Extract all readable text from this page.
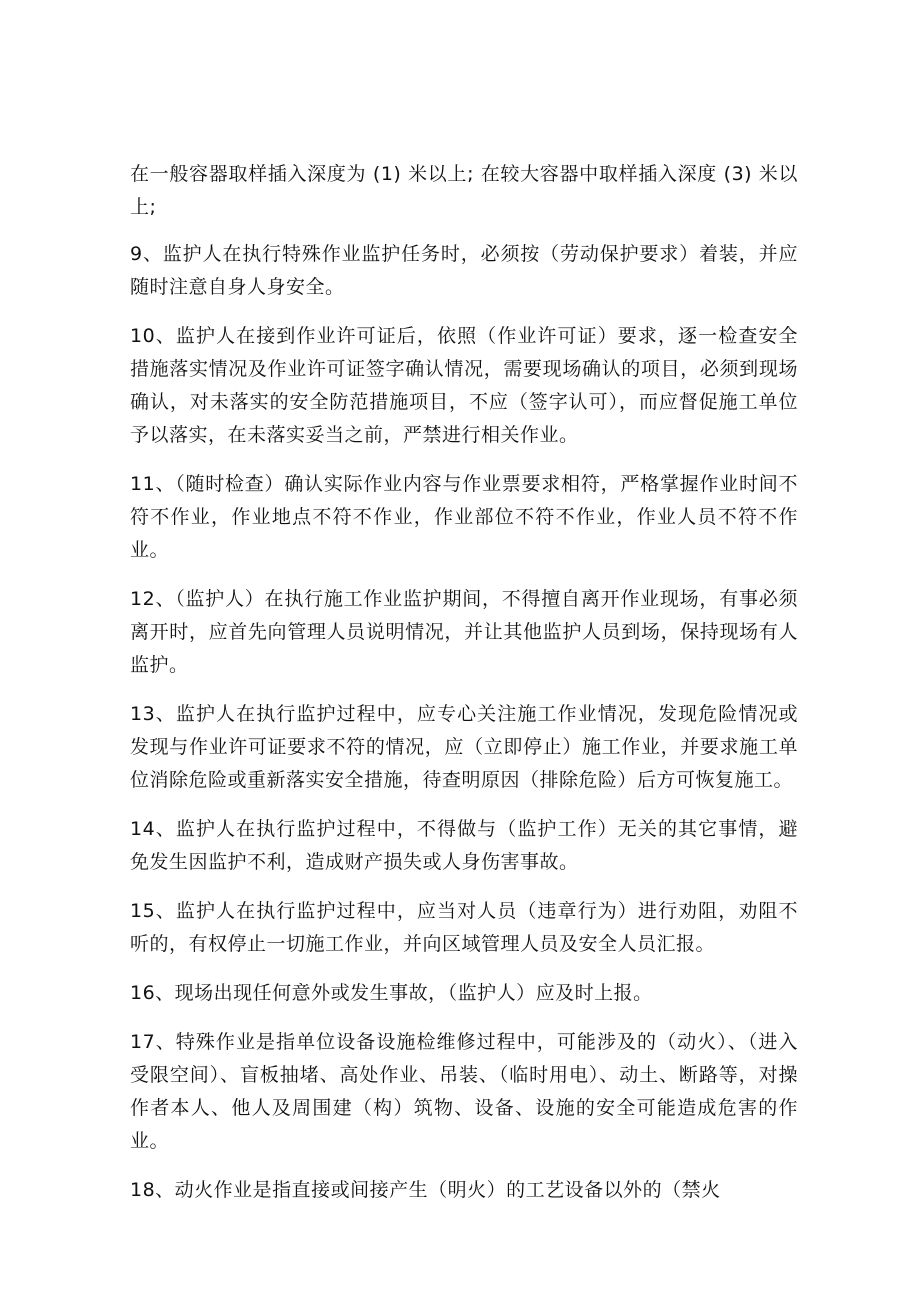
在一般容器取样插入深度为 (1) 米以上; 在较大容器中取样插入深度 (3) 米以上;

9、监护人在执行特殊作业监护任务时，必须按（劳动保护要求）着装，并应随时注意自身人身安全。

10、监护人在接到作业许可证后，依照（作业许可证）要求，逐一检查安全措施落实情况及作业许可证签字确认情况，需要现场确认的项目，必须到现场确认，对未落实的安全防范措施项目，不应（签字认可），而应督促施工单位予以落实，在未落实妥当之前，严禁进行相关作业。

11、（随时检查）确认实际作业内容与作业票要求相符，严格掌握作业时间不符不作业，作业地点不符不作业，作业部位不符不作业，作业人员不符不作业。

12、（监护人）在执行施工作业监护期间，不得擅自离开作业现场，有事必须离开时，应首先向管理人员说明情况，并让其他监护人员到场，保持现场有人监护。

13、监护人在执行监护过程中，应专心关注施工作业情况，发现危险情况或发现与作业许可证要求不符的情况，应（立即停止）施工作业，并要求施工单位消除危险或重新落实安全措施，待查明原因（排除危险）后方可恢复施工。

14、监护人在执行监护过程中，不得做与（监护工作）无关的其它事情，避免发生因监护不利，造成财产损失或人身伤害事故。

15、监护人在执行监护过程中，应当对人员（违章行为）进行劝阻，劝阻不听的，有权停止一切施工作业，并向区域管理人员及安全人员汇报。

16、现场出现任何意外或发生事故，（监护人）应及时上报。

17、特殊作业是指单位设备设施检维修过程中，可能涉及的（动火）、（进入受限空间）、盲板抽堵、高处作业、吊装、（临时用电）、动土、断路等，对操作者本人、他人及周围建（构）筑物、设备、设施的安全可能造成危害的作业。

18、动火作业是指直接或间接产生（明火）的工艺设备以外的（禁火
